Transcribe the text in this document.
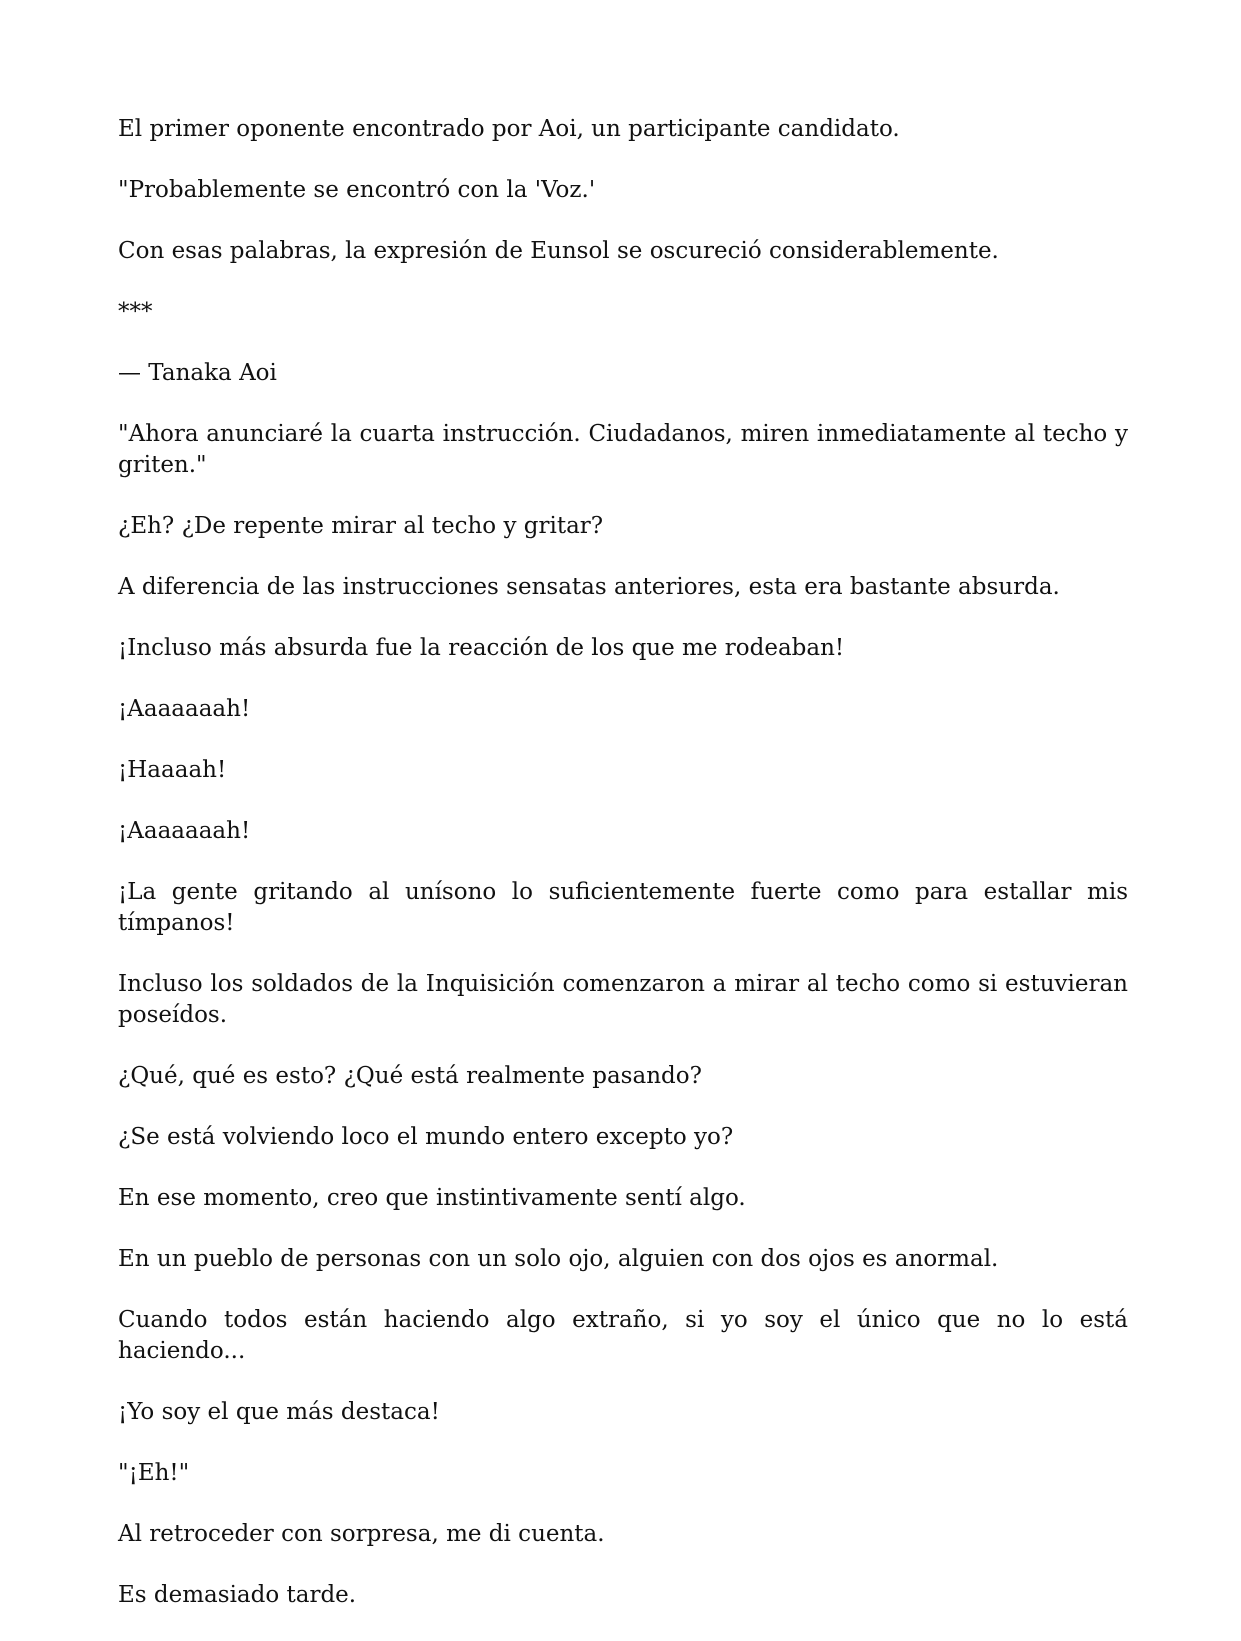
El primer oponente encontrado por Aoi, un participante candidato.

"Probablemente se encontró con la 'Voz.'

Con esas palabras, la expresión de Eunsol se oscureció considerablemente.

***

— Tanaka Aoi

"Ahora anunciaré la cuarta instrucción. Ciudadanos, miren inmediatamente al techo y griten."

¿Eh? ¿De repente mirar al techo y gritar?

A diferencia de las instrucciones sensatas anteriores, esta era bastante absurda.

¡Incluso más absurda fue la reacción de los que me rodeaban!

¡Aaaaaaah!

¡Haaaah!

¡Aaaaaaah!

¡La gente gritando al unísono lo suficientemente fuerte como para estallar mis tímpanos!

Incluso los soldados de la Inquisición comenzaron a mirar al techo como si estuvieran poseídos.

¿Qué, qué es esto? ¿Qué está realmente pasando?

¿Se está volviendo loco el mundo entero excepto yo?

En ese momento, creo que instintivamente sentí algo.

En un pueblo de personas con un solo ojo, alguien con dos ojos es anormal.

Cuando todos están haciendo algo extraño, si yo soy el único que no lo está haciendo...

¡Yo soy el que más destaca!

"¡Eh!"

Al retroceder con sorpresa, me di cuenta.

Es demasiado tarde.
